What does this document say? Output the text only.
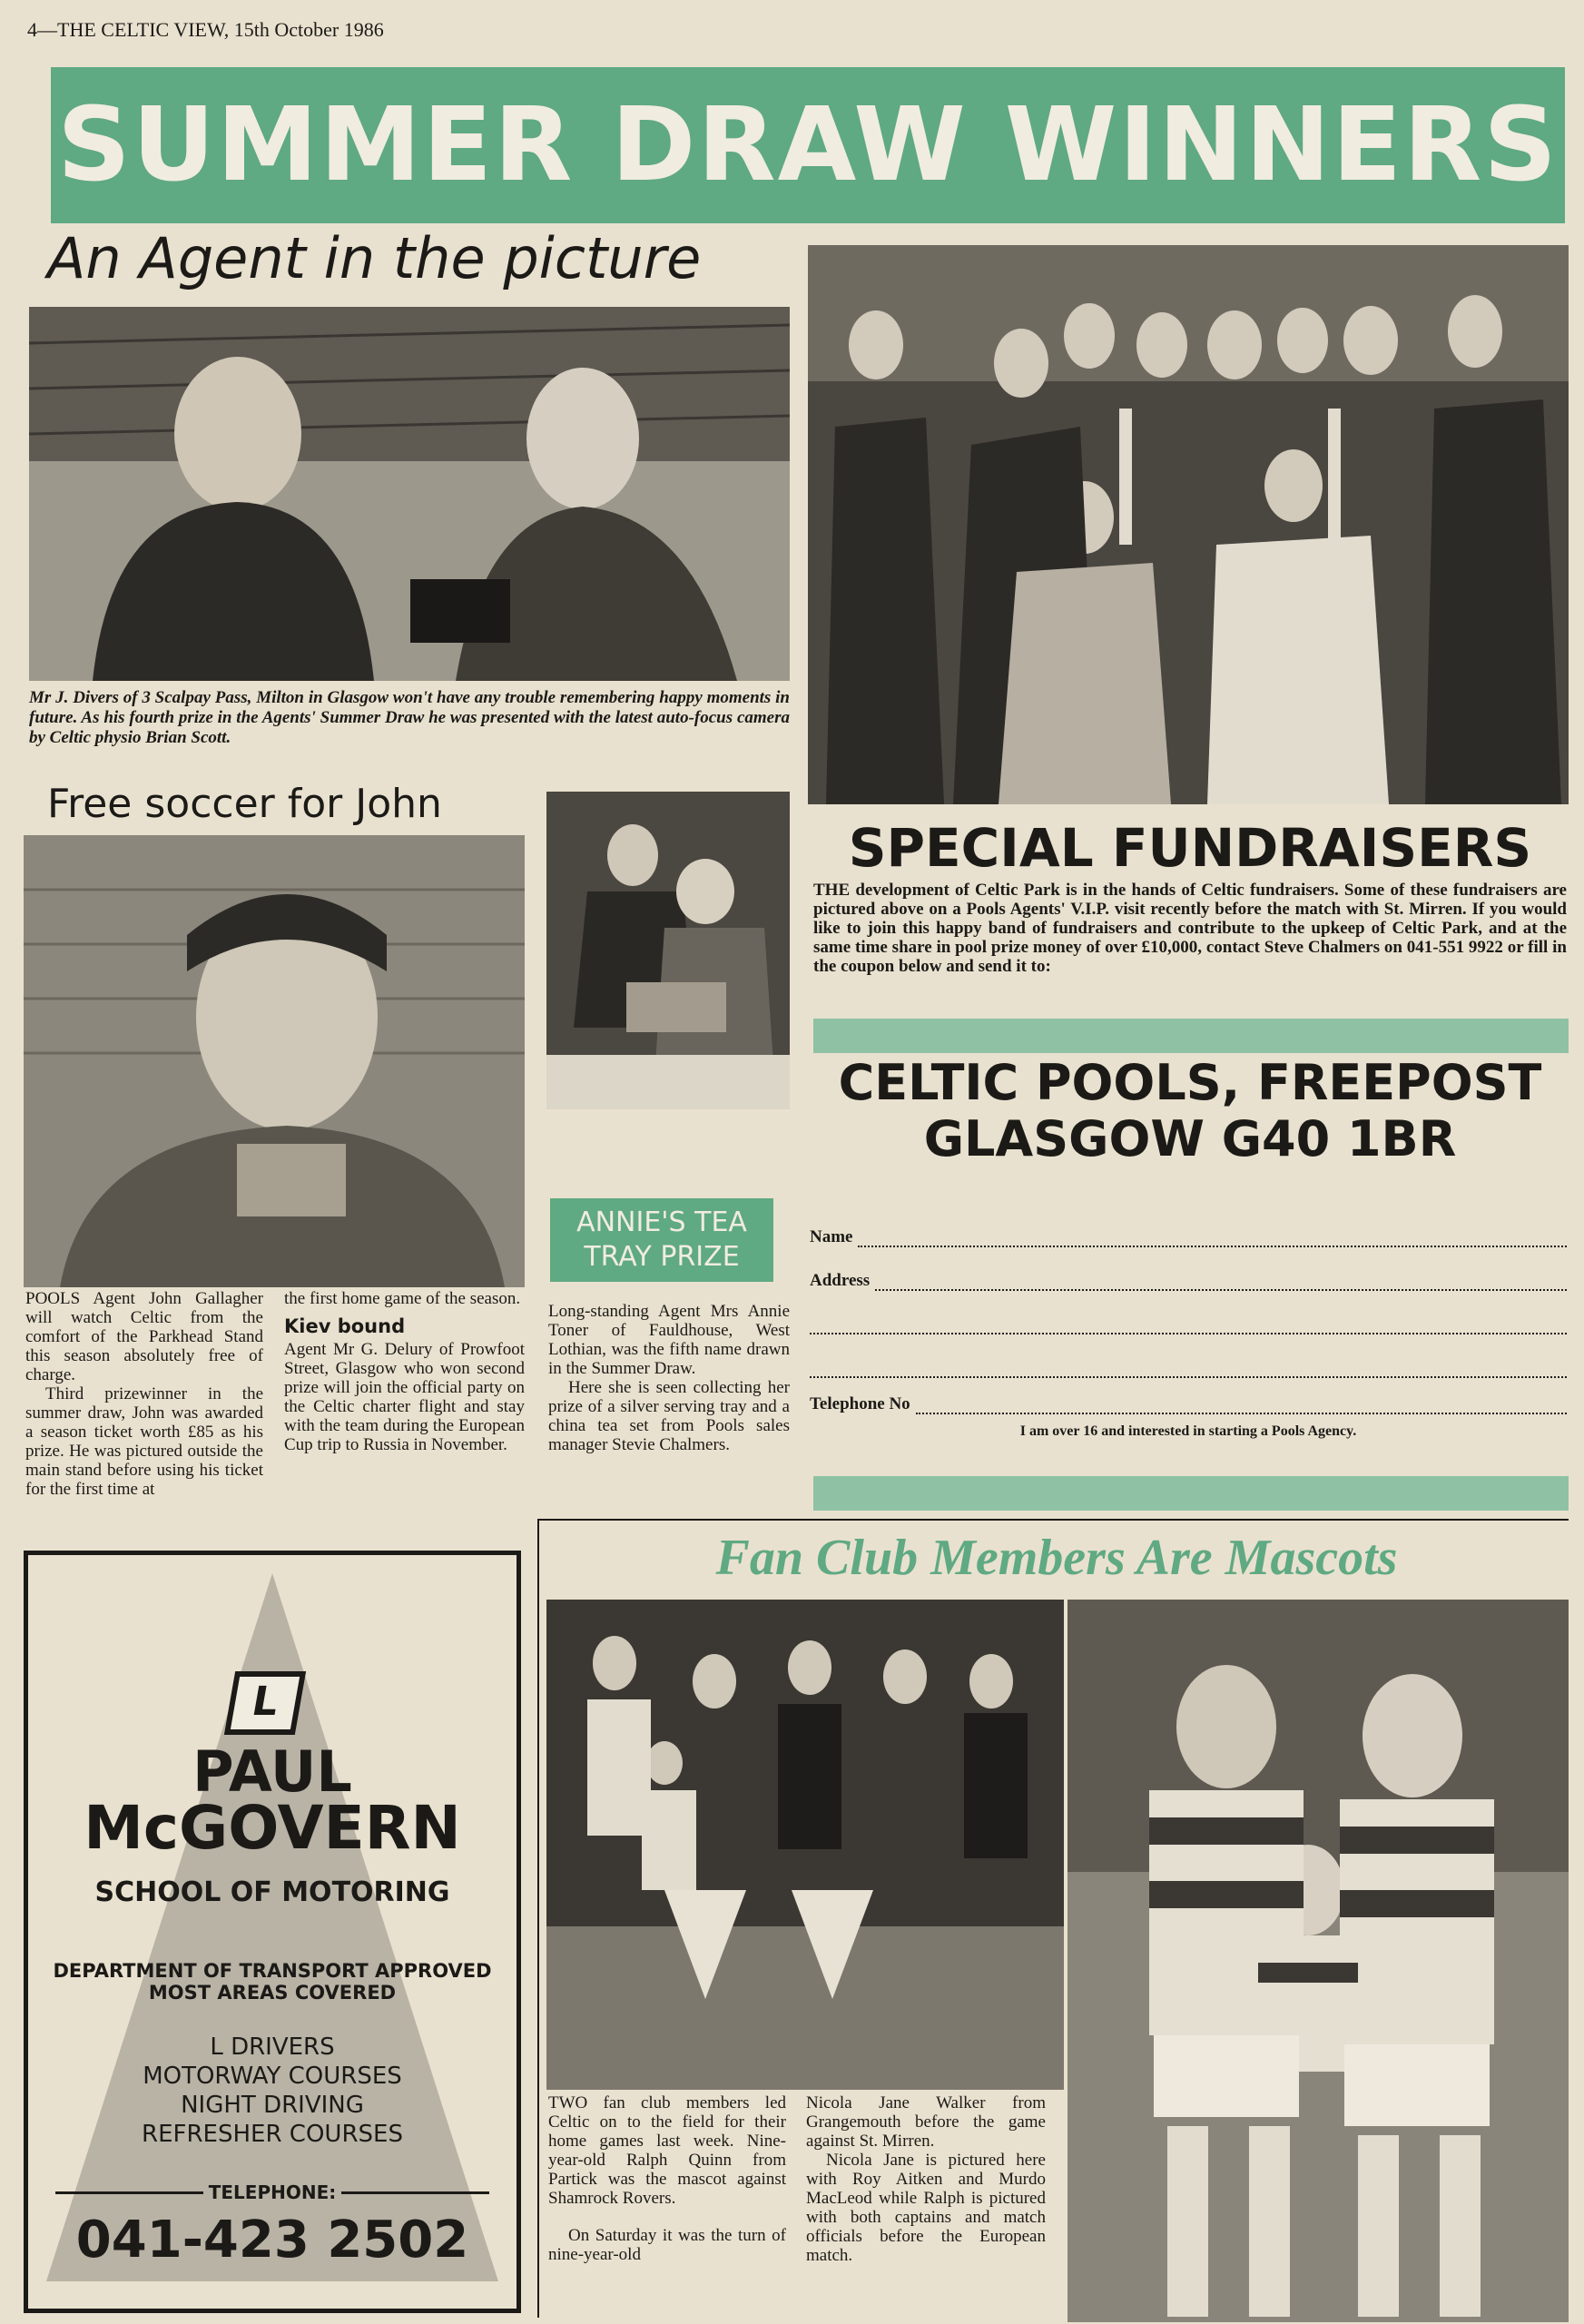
4—THE CELTIC VIEW, 15th October 1986
SUMMER DRAW WINNERS
An Agent in the picture
Mr J. Divers of 3 Scalpay Pass, Milton in Glasgow won't have any trouble remembering happy moments in future. As his fourth prize in the Agents' Summer Draw he was presented with the latest auto-focus camera by Celtic physio Brian Scott.
Free soccer for John
POOLS Agent John Gallagher will watch Celtic from the comfort of the Parkhead Stand this season absolutely free of charge.
Third prizewinner in the summer draw, John was awarded a season ticket worth £85 as his prize. He was pictured outside the main stand before using his ticket for the first time at
the first home game of the season.
Kiev bound
Agent Mr G. Delury of Prowfoot Street, Glasgow who won second prize will join the official party on the Celtic charter flight and stay with the team during the European Cup trip to Russia in November.
ANNIE'S TEA
TRAY PRIZE
Long-standing Agent Mrs Annie Toner of Fauldhouse, West Lothian, was the fifth name drawn in the Summer Draw.
Here she is seen collecting her prize of a silver serving tray and a china tea set from Pools sales manager Stevie Chalmers.
SPECIAL FUNDRAISERS
THE development of Celtic Park is in the hands of Celtic fundraisers. Some of these fundraisers are pictured above on a Pools Agents' V.I.P. visit recently before the match with St. Mirren. If you would like to join this happy band of fundraisers and contribute to the upkeep of Celtic Park, and at the same time share in pool prize money of over £10,000, contact Steve Chalmers on 041-551 9922 or fill in the coupon below and send it to:
CELTIC POOLS, FREEPOST
GLASGOW G40 1BR
Name
Address
Telephone No
I am over 16 and interested in starting a Pools Agency.
L
PAUL
McGOVERN
SCHOOL OF MOTORING
DEPARTMENT OF TRANSPORT APPROVED
MOST AREAS COVERED
L DRIVERS
MOTORWAY COURSES
NIGHT DRIVING
REFRESHER COURSES
TELEPHONE:
041-423 2502
Fan Club Members Are Mascots
TWO fan club members led Celtic on to the field for their home games last week. Nine-year-old Ralph Quinn from Partick was the mascot against Shamrock Rovers.
On Saturday it was the turn of nine-year-old
Nicola Jane Walker from Grangemouth before the game against St. Mirren.
Nicola Jane is pictured here with Roy Aitken and Murdo MacLeod while Ralph is pictured with both captains and match officials before the European match.
